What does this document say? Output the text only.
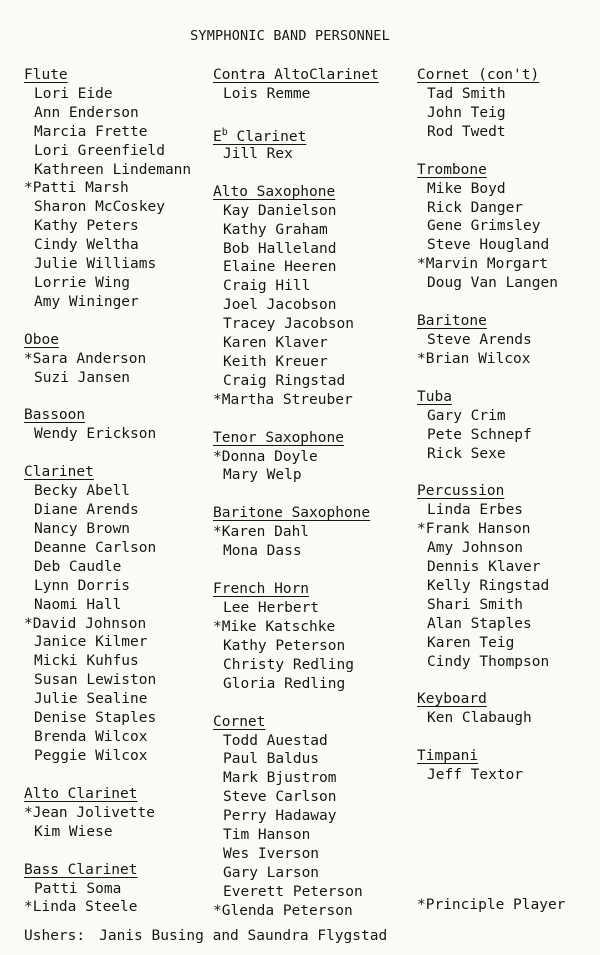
SYMPHONIC BAND PERSONNEL
Flute
Lori Eide
Ann Enderson
Marcia Frette
Lori Greenfield
Kathreen Lindemann
*Patti Marsh
Sharon McCoskey
Kathy Peters
Cindy Weltha
Julie Williams
Lorrie Wing
Amy Wininger
Oboe
*Sara Anderson
Suzi Jansen
Bassoon
Wendy Erickson
Clarinet
Becky Abell
Diane Arends
Nancy Brown
Deanne Carlson
Deb Caudle
Lynn Dorris
Naomi Hall
*David Johnson
Janice Kilmer
Micki Kuhfus
Susan Lewiston
Julie Sealine
Denise Staples
Brenda Wilcox
Peggie Wilcox
Alto Clarinet
*Jean Jolivette
Kim Wiese
Bass Clarinet
Patti Soma
*Linda Steele
Contra AltoClarinet
Lois Remme
$E^b$ Clarinet
Jill Rex
Alto Saxophone
Kay Danielson
Kathy Graham
Bob Halleland
Elaine Heeren
Craig Hill
Joel Jacobson
Tracey Jacobson
Karen Klaver
Keith Kreuer
Craig Ringstad
*Martha Streuber
Tenor Saxophone
*Donna Doyle
Mary Welp
Baritone Saxophone
*Karen Dahl
Mona Dass
French Horn
Lee Herbert
*Mike Katschke
Kathy Peterson
Christy Redling
Gloria Redling
Cornet
Todd Auestad
Paul Baldus
Mark Bjustrom
Steve Carlson
Perry Hadaway
Tim Hanson
Wes Iverson
Gary Larson
Everett Peterson
*Glenda Peterson
Cornet (con't)
Tad Smith
John Teig
Rod Twedt
Trombone
Mike Boyd
Rick Danger
Gene Grimsley
Steve Hougland
*Marvin Morgart
Doug Van Langen
Baritone
Steve Arends
*Brian Wilcox
Tuba
Gary Crim
Pete Schnepf
Rick Sexe
Percussion
Linda Erbes
*Frank Hanson
Amy Johnson
Dennis Klaver
Kelly Ringstad
Shari Smith
Alan Staples
Karen Teig
Cindy Thompson
Keyboard
Ken Clabaugh
Timpani
Jeff Textor
*Principle Player
Ushers: Janis Busing and Saundra Flygstad
